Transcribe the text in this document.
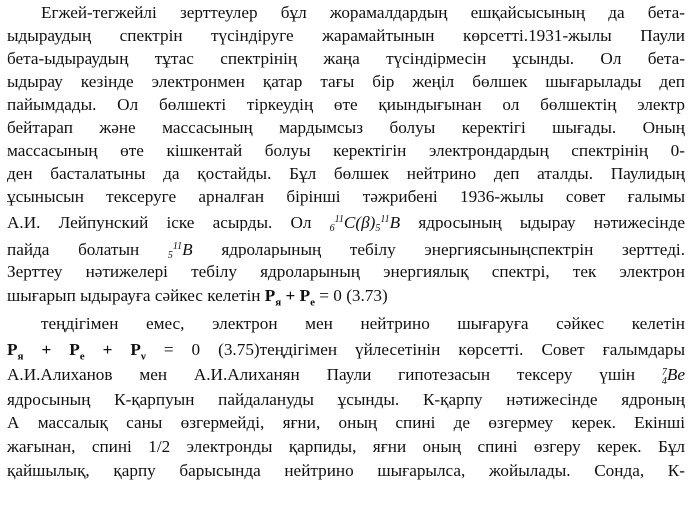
Егжей-тегжейлі зерттеулер бұл жорамалдардың ешқайсысының да бета-
ыдыраудың спектрін түсіндіруге жарамайтынын көрсетті.1931-жылы Паули
бета-ыдыраудың тұтас спектрінің жаңа түсіндірмесін ұсынды. Ол бета-
ыдырау кезінде электронмен қатар тағы бір жеңіл бөлшек шығарылады деп
пайымдады. Ол бөлшекті тіркеудің өте қиындығынан ол бөлшектің электр
бейтарап және массасының мардымсыз болуы керектігі шығады. Оның
массасының өте кішкентай болуы керектігін электрондардың спектрінің 0-
ден басталатыны да қостайды. Бұл бөлшек нейтрино деп аталды. Паулидың
ұсынысын тексеруге арналған бірінші тәжрибені 1936-жылы совет ғалымы
А.И. Лейпунский іске асырды. Ол $6^{11}C(\beta)5^{11}B$ ядросының ыдырау нәтижесінде
пайда болатын	$5^{11}B$ ядроларының тебілу энергиясыныңспектрін зерттеді.
Зерттеу нәтижелері тебілу ядроларының энергиялық спектрі, тек электрон
шығарып ыдырауға сәйкес келетін $P_я + P_e = 0$ (3.73)
теңдігімен емес, электрон мен нейтрино шығаруға сәйкес келетін
$P_я + P_e + P_\nu = 0$ (3.75)теңдігімен үйлесетінін көрсетті. Совет ғалымдары
А.И.Алиханов мен А.И.Алиханян Паули гипотезасын тексеру үшін	7
4Be
ядросының К-қарпуын пайдалануды ұсынды. К-қарпу нәтижесінде ядроның
А массалық саны өзгермейді, яғни, оның спині де өзгермеу керек. Екінші
жағынан, спині 1/2 электронды қарпиды, яғни оның спині өзгеру керек. Бұл
қайшылық, қарпу барысында нейтрино шығарылса, жойылады. Сонда, К-
